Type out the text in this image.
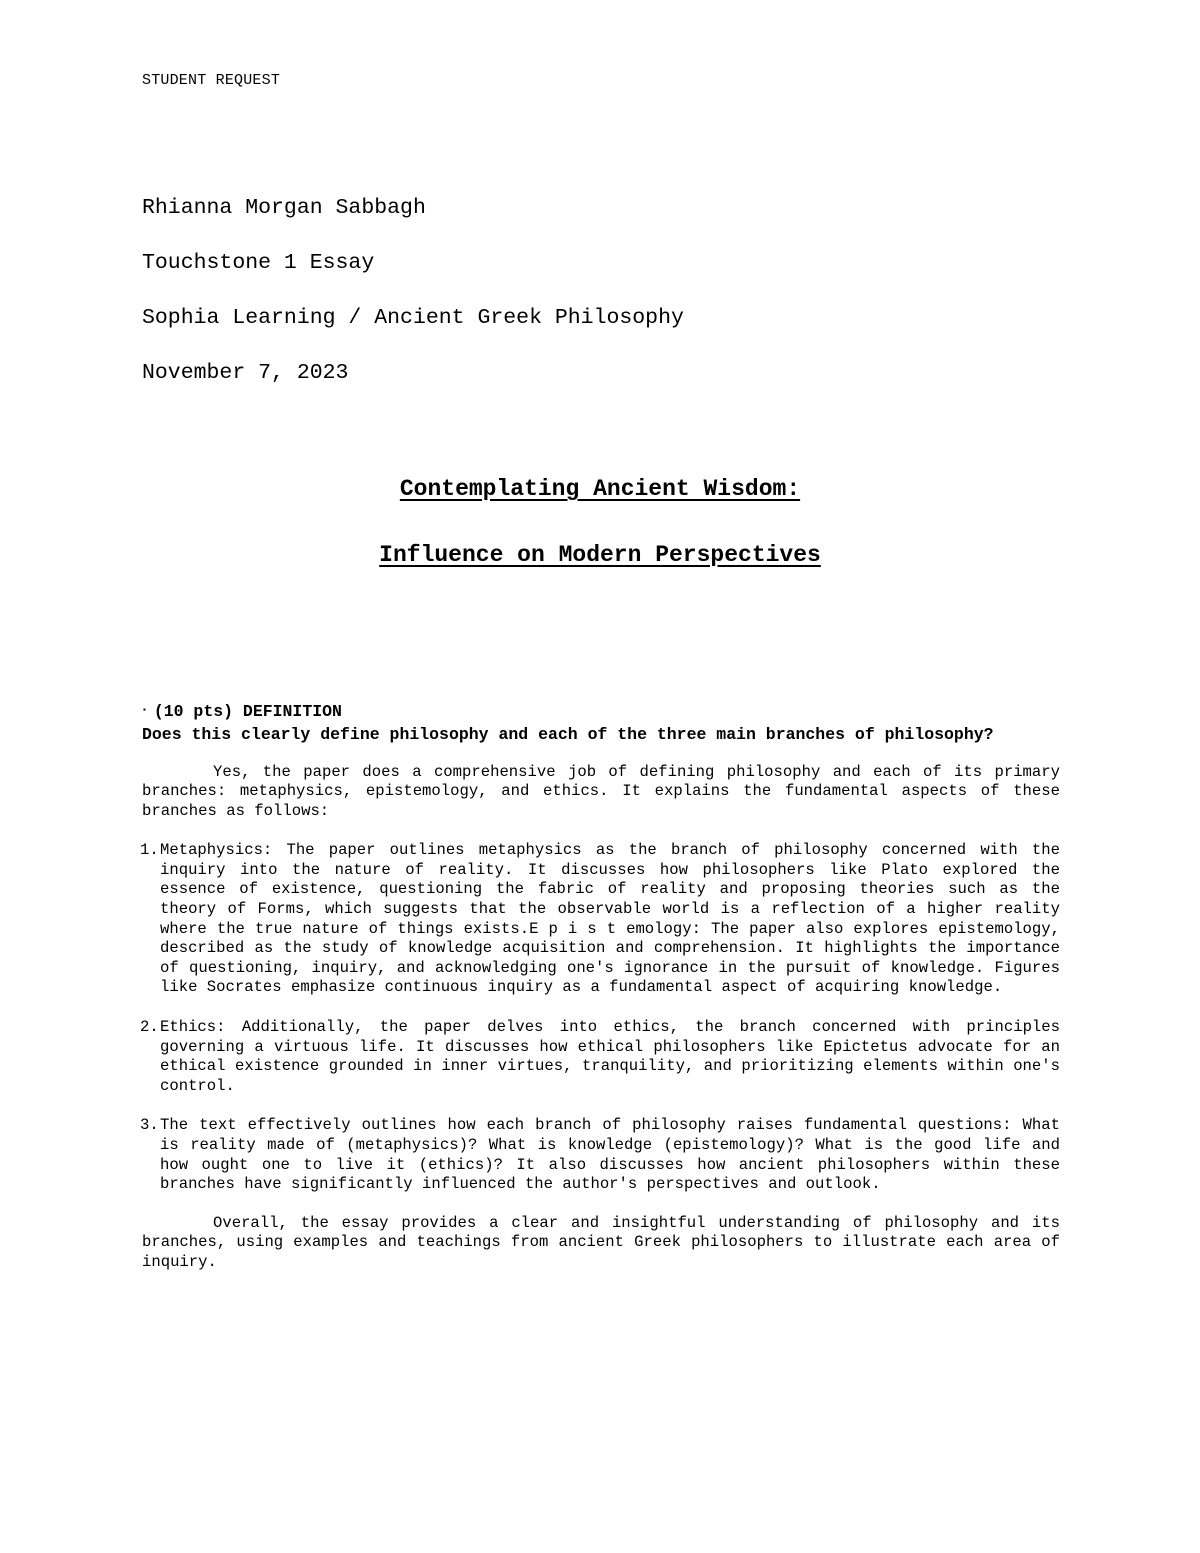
STUDENT REQUEST
Rhianna Morgan Sabbagh
Touchstone 1 Essay
Sophia Learning / Ancient Greek Philosophy
November 7, 2023
Contemplating Ancient Wisdom:
Influence on Modern Perspectives
▪ (10 pts) DEFINITION
Does this clearly define philosophy and each of the three main branches of philosophy?

Yes, the paper does a comprehensive job of defining philosophy and each of its primary branches: metaphysics, epistemology, and ethics. It explains the fundamental aspects of these branches as follows:

1. Metaphysics: The paper outlines metaphysics as the branch of philosophy concerned with the inquiry into the nature of reality. It discusses how philosophers like Plato explored the essence of existence, questioning the fabric of reality and proposing theories such as the theory of Forms, which suggests that the observable world is a reflection of a higher reality where the true nature of things exists.E p i s t emology: The paper also explores epistemology, described as the study of knowledge acquisition and comprehension. It highlights the importance of questioning, inquiry, and acknowledging one's ignorance in the pursuit of knowledge. Figures like Socrates emphasize continuous inquiry as a fundamental aspect of acquiring knowledge.
2. Ethics: Additionally, the paper delves into ethics, the branch concerned with principles governing a virtuous life. It discusses how ethical philosophers like Epictetus advocate for an ethical existence grounded in inner virtues, tranquility, and prioritizing elements within one's control.
3. The text effectively outlines how each branch of philosophy raises fundamental questions: What is reality made of (metaphysics)? What is knowledge (epistemology)? What is the good life and how ought one to live it (ethics)? It also discusses how ancient philosophers within these branches have significantly influenced the author's perspectives and outlook.

Overall, the essay provides a clear and insightful understanding of philosophy and its branches, using examples and teachings from ancient Greek philosophers to illustrate each area of inquiry.
